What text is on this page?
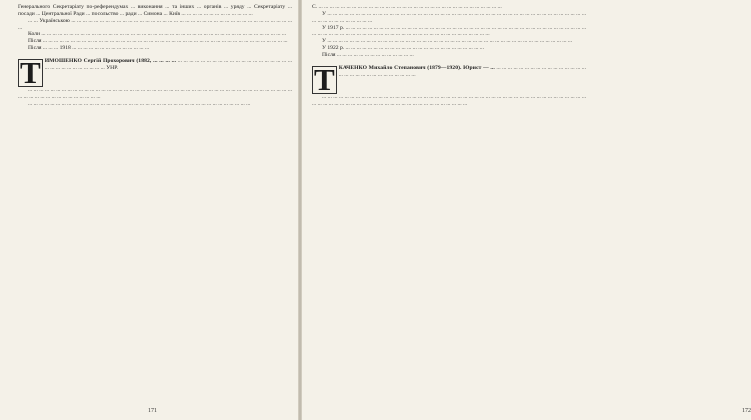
Генерального Секретаріату по-референдумах ... виконання ... та інших ... органів ... уряду ... Секретаріату ... посади ... Центральної Ради ... посольство ... ради ... Симона ... Київ ... ... ... ... ... ... ... ... ... ... ... ... ...

... ... Українською ... ... ... ... ... ... ... ... ... ... ... ... ... ... ... ... ... ... ... ... ... ... ... ... ... ... ... ... ... ... ... ... ... ... ... ... ... ... ... ...

Коли ... ... ... ... ... ... ... ... ... ... ... ... ... ... ... ... ... ... ... ... ... ... ... ... ... ... ... ... ... ... ... ... ... ... ... ... ... ... ... ... ... ... ... ...

Після ... ... ... ... ... ... ... ... ... ... ... ... ... ... ... ... ... ... ... ... ... ... ... ... ... ... ... ... ... ... ... ... ... ... ... ... ... ... ... ... ... ... ... ...

Після ... ... ... 1918 ... ... ... ... ... ... ... ... ... ... ... ... ... ...

Т ИМОШЕНКО Сергій Прохорович (1882, ... ... ... ... ... ... ... ... ... ... ... ... ... ... ... ... ... ... ... ... ... ... ... ... ... ... ... ... ... ... ... ... ... ... ... УНР.

... ... ... ... ... ... ... ... ... ... ... ... ... ... ... ... ... ... ... ... ... ... ... ... ... ... ... ... ... ... ... ... ... ... ... ... ... ... ... ... ... ... ... ... ... ... ... ... ... ... ... ... ... ... ... ... ... ... ... ... ... ...

... ... ... ... ... ... ... ... ... ... ... ... ... ... ... ... ... ... ... ... ... ... ... ... ... ... ... ... ... ... ... ... ... ... ... ... ... ... ... ...

171

С. ... ... ... ... ... ... ... ... ... ... ... ... ... ... ... ... ... ... ... ... ... ... ... ... ... ... ... ... ... ... ... ... ...

У ... ... ... ... ... ... ... ... ... ... ... ... ... ... ... ... ... ... ... ... ... ... ... ... ... ... ... ... ... ... ... ... ... ... ... ... ... ... ... ... ... ... ... ... ... ... ... ... ... ... ... ... ... ... ... ... ...

У 1917 р. ... ... ... ... ... ... ... ... ... ... ... ... ... ... ... ... ... ... ... ... ... ... ... ... ... ... ... ... ... ... ... ... ... ... ... ... ... ... ... ... ... ... ... ... ... ... ... ... ... ... ... ... ... ... ... ... ... ... ... ... ... ... ... ... ... ... ... ... ... ... ... ... ... ... ...

У ... ... ... ... ... ... ... ... ... ... ... ... ... ... ... ... ... ... ... ... ... ... ... ... ... ... ... ... ... ... ... ... ... ... ... ... ... ... ... ... ... ... ... ...

У 1922 р. ... ... ... ... ... ... ... ... ... ... ... ... ... ... ... ... ... ... ... ... ... ... ... ... ...

Після ... ... ... ... ... ... ... ... ... ... ... ... ... ...

Т КАЧЕНКО Михайло Степанович (1879—1920). Юрист — ... ... ... ... ... ... ... ... ... ... ... ... ... ... ... ... ... ... ... ... ... ... ... ... ... ... ... ... ... ... ...

... ... ... ... ... ... ... ... ... ... ... ... ... ... ... ... ... ... ... ... ... ... ... ... ... ... ... ... ... ... ... ... ... ... ... ... ... ... ... ... ... ... ... ... ... ... ... ... ... ... ... ... ... ... ... ... ... ... ... ... ... ... ... ... ... ... ... ... ... ... ... ... ... ... ...

172
